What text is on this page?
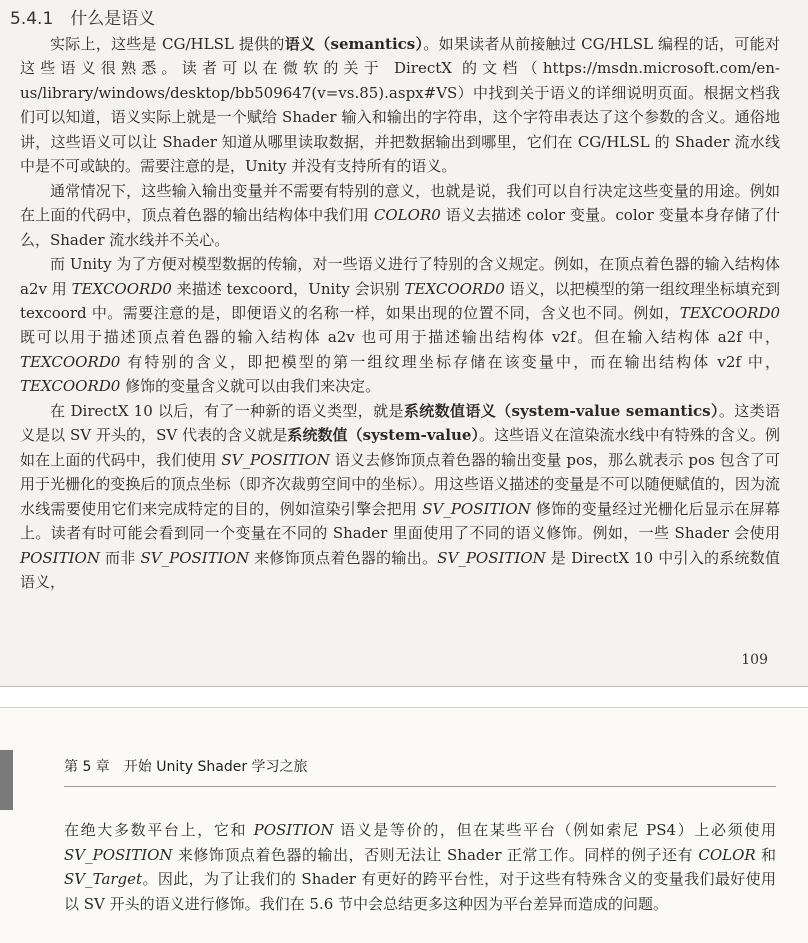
5.4.1　什么是语义

实际上，这些是 CG/HLSL 提供的语义（semantics）。如果读者从前接触过 CG/HLSL 编程的话，可能对这些语义很熟悉。读者可以在微软的关于 DirectX 的文档（https://msdn.microsoft.com/en-us/library/windows/desktop/bb509647(v=vs.85).aspx#VS）中找到关于语义的详细说明页面。根据文档我们可以知道，语义实际上就是一个赋给 Shader 输入和输出的字符串，这个字符串表达了这个参数的含义。通俗地讲，这些语义可以让 Shader 知道从哪里读取数据，并把数据输出到哪里，它们在 CG/HLSL 的 Shader 流水线中是不可或缺的。需要注意的是，Unity 并没有支持所有的语义。

通常情况下，这些输入输出变量并不需要有特别的意义，也就是说，我们可以自行决定这些变量的用途。例如在上面的代码中，顶点着色器的输出结构体中我们用 COLOR0 语义去描述 color 变量。color 变量本身存储了什么，Shader 流水线并不关心。

而 Unity 为了方便对模型数据的传输，对一些语义进行了特别的含义规定。例如，在顶点着色器的输入结构体 a2v 用 TEXCOORD0 来描述 texcoord，Unity 会识别 TEXCOORD0 语义，以把模型的第一组纹理坐标填充到 texcoord 中。需要注意的是，即便语义的名称一样，如果出现的位置不同，含义也不同。例如，TEXCOORD0 既可以用于描述顶点着色器的输入结构体 a2v 也可用于描述输出结构体 v2f。但在输入结构体 a2f 中，TEXCOORD0 有特别的含义，即把模型的第一组纹理坐标存储在该变量中，而在输出结构体 v2f 中，TEXCOORD0 修饰的变量含义就可以由我们来决定。

在 DirectX 10 以后，有了一种新的语义类型，就是系统数值语义（system-value semantics）。这类语义是以 SV 开头的，SV 代表的含义就是系统数值（system-value）。这些语义在渲染流水线中有特殊的含义。例如在上面的代码中，我们使用 SV_POSITION 语义去修饰顶点着色器的输出变量 pos，那么就表示 pos 包含了可用于光栅化的变换后的顶点坐标（即齐次裁剪空间中的坐标）。用这些语义描述的变量是不可以随便赋值的，因为流水线需要使用它们来完成特定的目的，例如渲染引擎会把用 SV_POSITION 修饰的变量经过光栅化后显示在屏幕上。读者有时可能会看到同一个变量在不同的 Shader 里面使用了不同的语义修饰。例如，一些 Shader 会使用 POSITION 而非 SV_POSITION 来修饰顶点着色器的输出。SV_POSITION 是 DirectX 10 中引入的系统数值语义，

109
第 5 章　开始 Unity Shader 学习之旅

在绝大多数平台上，它和 POSITION 语义是等价的，但在某些平台（例如索尼 PS4）上必须使用 SV_POSITION 来修饰顶点着色器的输出，否则无法让 Shader 正常工作。同样的例子还有 COLOR 和 SV_Target。因此，为了让我们的 Shader 有更好的跨平台性，对于这些有特殊含义的变量我们最好使用以 SV 开头的语义进行修饰。我们在 5.6 节中会总结更多这种因为平台差异而造成的问题。
